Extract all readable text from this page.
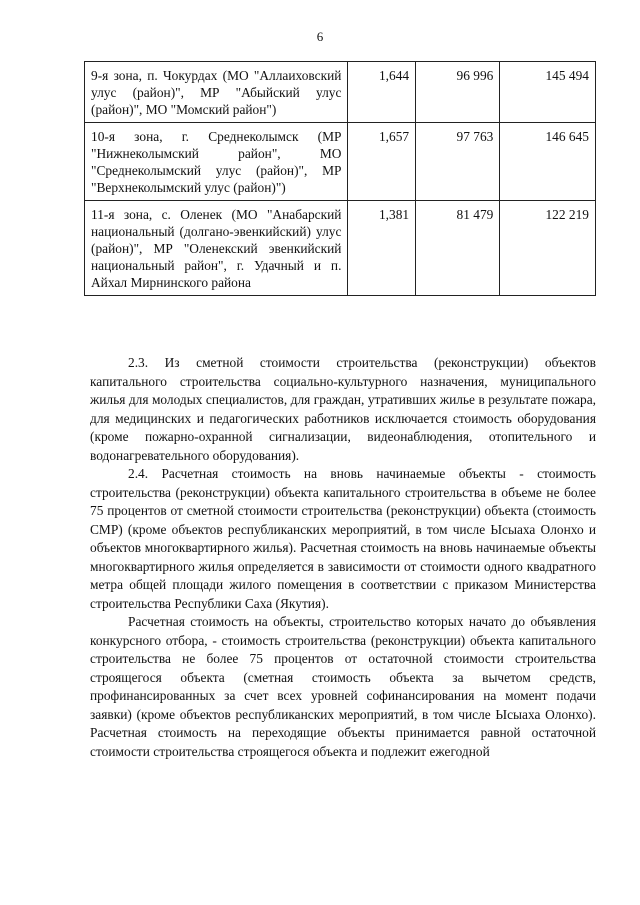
6
9-я зона, п. Чокурдах (МО "Аллаиховский улус (район)", МР "Абыйский улус (район)", МО "Момский район")	1,644	96 996	145 494
10-я зона, г. Среднеколымск (МР "Нижнеколымский район", МО "Среднеколымский улус (район)", МР "Верхнеколымский улус (район)")	1,657	97 763	146 645
11-я зона, с. Оленек (МО "Анабарский национальный (долгано-эвенкийский) улус (район)", МР "Оленекский эвенкийский национальный район", г. Удачный и п. Айхал Мирнинского района	1,381	81 479	122 219

2.3. Из сметной стоимости строительства (реконструкции) объектов капитального строительства социально-культурного назначения, муниципального жилья для молодых специалистов, для граждан, утративших жилье в результате пожара, для медицинских и педагогических работников исключается стоимость оборудования (кроме пожарно-охранной сигнализации, видеонаблюдения, отопительного и водонагревательного оборудования).

2.4. Расчетная стоимость на вновь начинаемые объекты - стоимость строительства (реконструкции) объекта капитального строительства в объеме не более 75 процентов от сметной стоимости строительства (реконструкции) объекта (стоимость СМР) (кроме объектов республиканских мероприятий, в том числе Ысыаха Олонхо и объектов многоквартирного жилья). Расчетная стоимость на вновь начинаемые объекты многоквартирного жилья определяется в зависимости от стоимости одного квадратного метра общей площади жилого помещения в соответствии с приказом Министерства строительства Республики Саха (Якутия).

Расчетная стоимость на объекты, строительство которых начато до объявления конкурсного отбора, - стоимость строительства (реконструкции) объекта капитального строительства не более 75 процентов от остаточной стоимости строительства строящегося объекта (сметная стоимость объекта за вычетом средств, профинансированных за счет всех уровней софинансирования на момент подачи заявки) (кроме объектов республиканских мероприятий, в том числе Ысыаха Олонхо). Расчетная стоимость на переходящие объекты принимается равной остаточной стоимости строительства строящегося объекта и подлежит ежегодной
